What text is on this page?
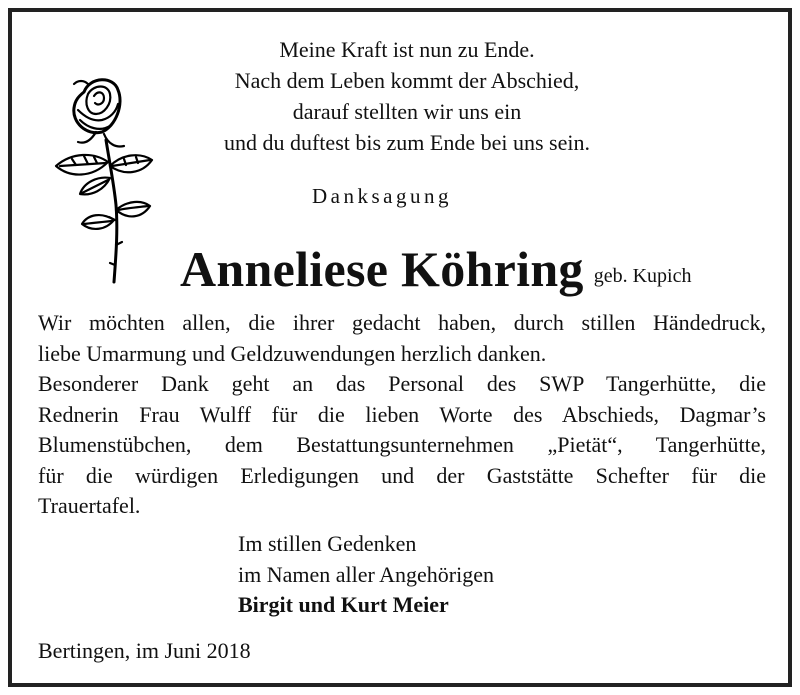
Meine Kraft ist nun zu Ende.
Nach dem Leben kommt der Abschied,
darauf stellten wir uns ein
und du duftest bis zum Ende bei uns sein.
Danksagung
Anneliese Köhring geb. Kupich

Wir möchten allen, die ihrer gedacht haben, durch stillen Händedruck,

liebe Umarmung und Geldzuwendungen herzlich danken.

Besonderer Dank geht an das Personal des SWP Tangerhütte, die

Rednerin Frau Wulff für die lieben Worte des Abschieds, Dagmar’s

Blumenstübchen, dem Bestattungsunternehmen „Pietät“, Tangerhütte,

für die würdigen Erledigungen und der Gaststätte Schefter für die

Trauertafel.

Im stillen Gedenken
im Namen aller Angehörigen
Birgit und Kurt Meier
Bertingen, im Juni 2018
